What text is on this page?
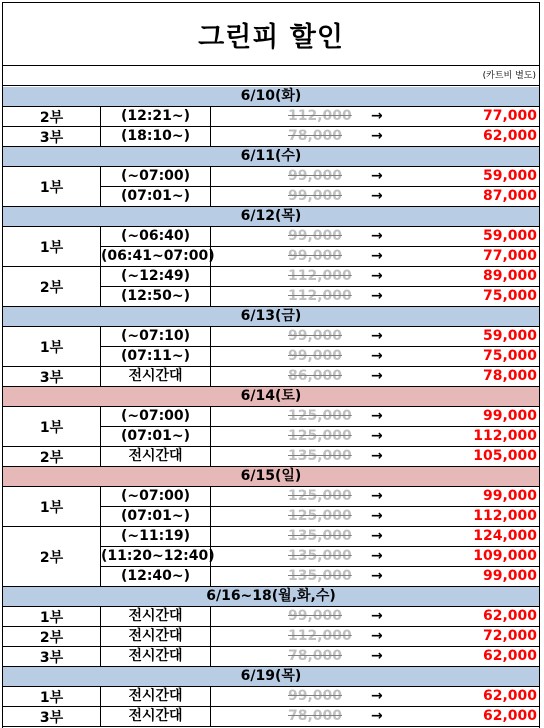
그린피 할인
(카트비 별도)
6/10(화)
2부	(12:21~)	112,000 →	77,000
3부	(18:10~)	78,000 →	62,000
6/11(수)
1부
(~07:00)	99,000 →	59,000
(07:01~)	99,000 →	87,000
6/12(목)
1부
(~06:40)	99,000 →	59,000
(06:41~07:00)	99,000 →	77,000
2부
(~12:49)	112,000 →	89,000
(12:50~)	112,000 →	75,000
6/13(금)
1부
(~07:10)	99,000 →	59,000
(07:11~)	99,000 →	75,000
3부	전시간대	86,000 →	78,000
6/14(토)
1부
(~07:00)	125,000 →	99,000
(07:01~)	125,000 →	112,000
2부	전시간대	135,000 →	105,000
6/15(일)
1부
(~07:00)	125,000 →	99,000
(07:01~)	125,000 →	112,000
2부
(~11:19)	135,000 →	124,000
(11:20~12:40)	135,000 →	109,000
(12:40~)	135,000 →	99,000
6/16~18(월,화,수)
1부	전시간대	99,000 →	62,000
2부	전시간대	112,000 →	72,000
3부	전시간대	78,000 →	62,000
6/19(목)
1부	전시간대	99,000 →	62,000
3부	전시간대	78,000 →	62,000
